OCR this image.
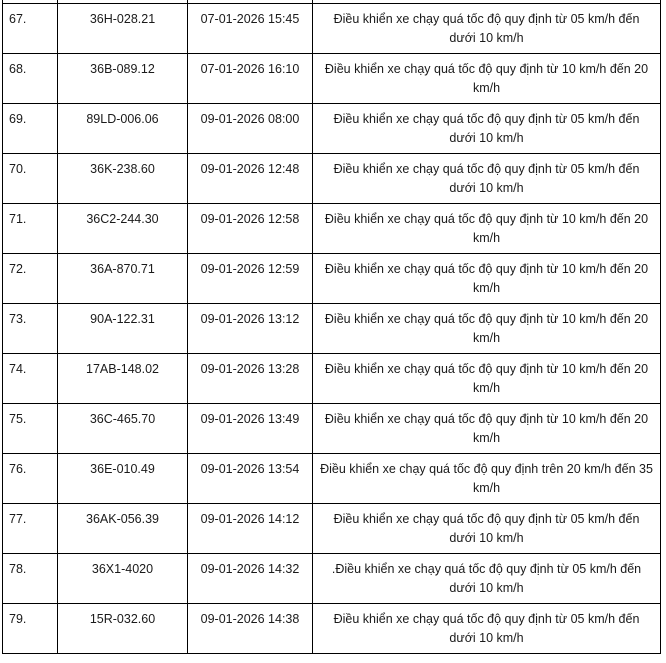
67.	36H-028.21	07-01-2026 15:45	Điều khiển xe chạy quá tốc độ quy định từ 05 km/h đến dưới 10 km/h
68.	36B-089.12	07-01-2026 16:10	Điều khiển xe chạy quá tốc độ quy định từ 10 km/h đến 20 km/h
69.	89LD-006.06	09-01-2026 08:00	Điều khiển xe chạy quá tốc độ quy định từ 05 km/h đến dưới 10 km/h
70.	36K-238.60	09-01-2026 12:48	Điều khiển xe chạy quá tốc độ quy định từ 05 km/h đến dưới 10 km/h
71.	36C2-244.30	09-01-2026 12:58	Điều khiển xe chạy quá tốc độ quy định từ 10 km/h đến 20 km/h
72.	36A-870.71	09-01-2026 12:59	Điều khiển xe chạy quá tốc độ quy định từ 10 km/h đến 20 km/h
73.	90A-122.31	09-01-2026 13:12	Điều khiển xe chạy quá tốc độ quy định từ 10 km/h đến 20 km/h
74.	17AB-148.02	09-01-2026 13:28	Điều khiển xe chạy quá tốc độ quy định từ 10 km/h đến 20 km/h
75.	36C-465.70	09-01-2026 13:49	Điều khiển xe chạy quá tốc độ quy định từ 10 km/h đến 20 km/h
76.	36E-010.49	09-01-2026 13:54	Điều khiển xe chạy quá tốc độ quy định trên 20 km/h đến 35 km/h
77.	36AK-056.39	09-01-2026 14:12	Điều khiển xe chạy quá tốc độ quy định từ 05 km/h đến dưới 10 km/h
78.	36X1-4020	09-01-2026 14:32	.Điều khiển xe chạy quá tốc độ quy định từ 05 km/h đến dưới 10 km/h
79.	15R-032.60	09-01-2026 14:38	Điều khiển xe chạy quá tốc độ quy định từ 05 km/h đến dưới 10 km/h
